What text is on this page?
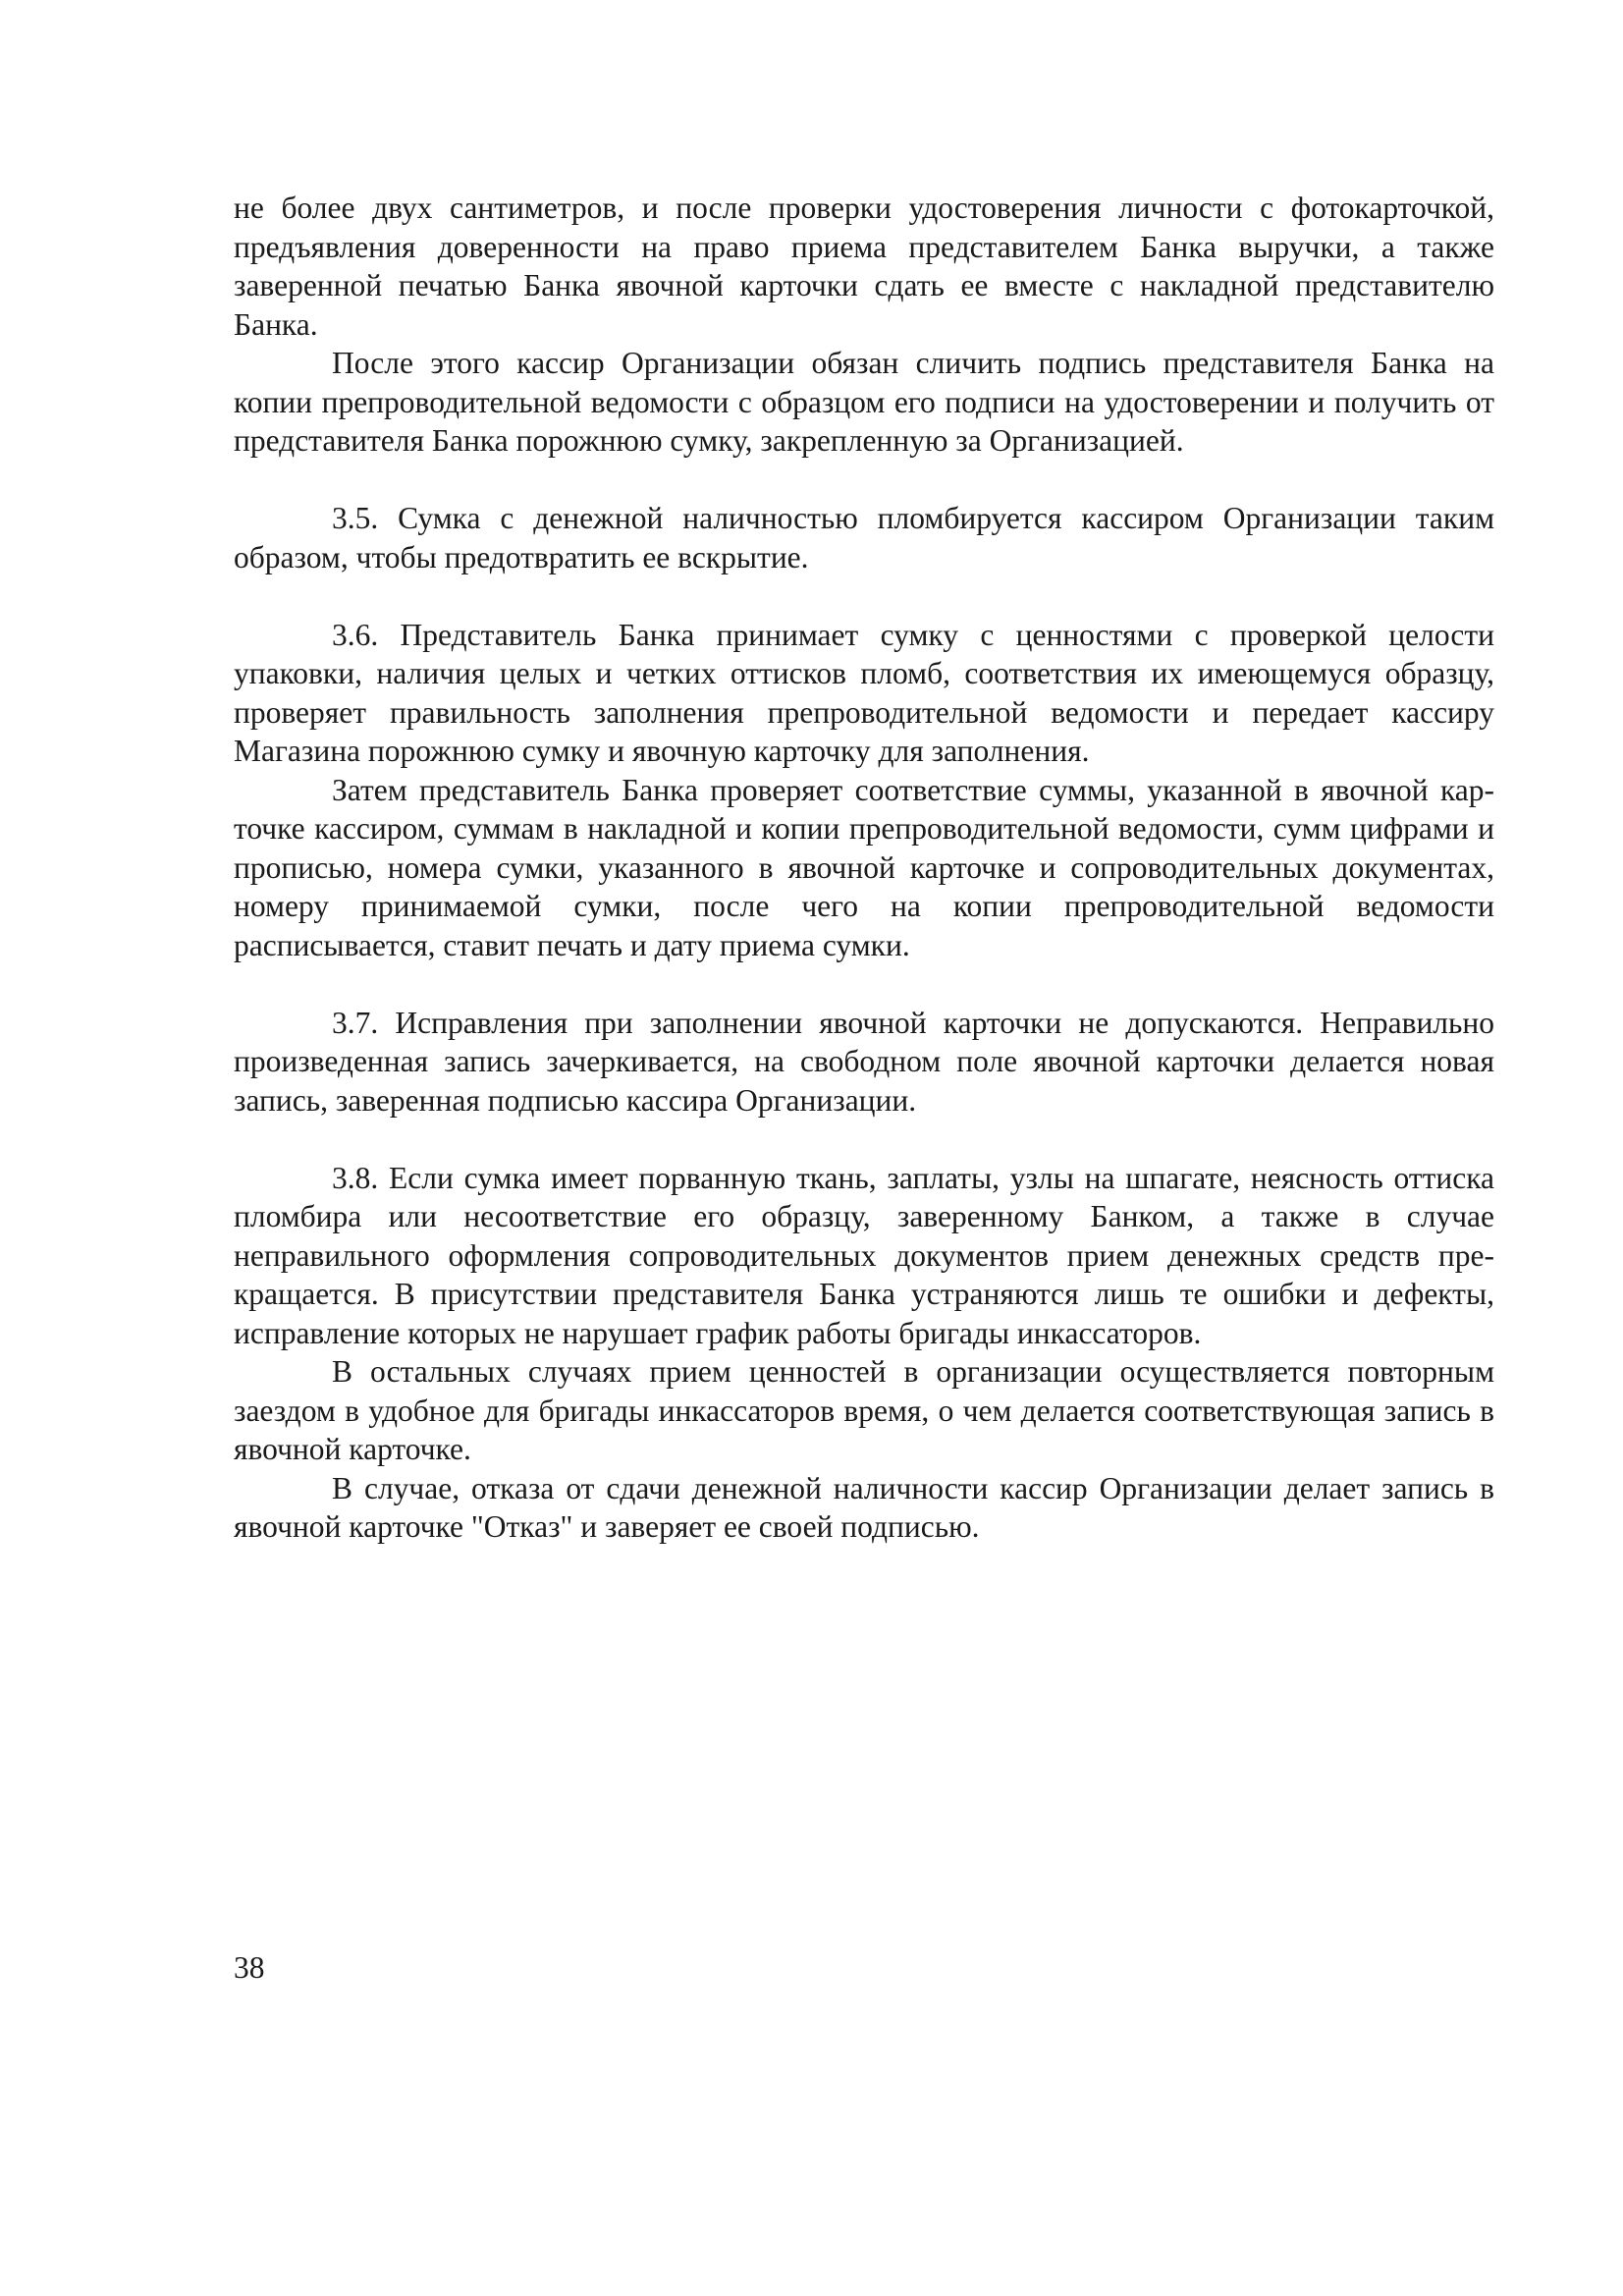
не более двух сантиметров, и после проверки удостоверения личности с фотокарточкой, предъявления доверенности на право приема представителем Банка выручки, а также заверенной печатью Банка явочной карточки сдать ее вместе с накладной представителю Банка.

После этого кассир Организации обязан сличить подпись представителя Банка на копии препроводительной ведомости с образцом его подписи на удостоверении и получить от представителя Банка порожнюю сумку, закрепленную за Организацией.

3.5. Сумка с денежной наличностью пломбируется кассиром Организации таким образом, чтобы предотвратить ее вскрытие.

3.6. Представитель Банка принимает сумку с ценностями с проверкой целости упаковки, наличия целых и четких оттисков пломб, соответствия их имеющемуся образцу, проверяет правильность заполнения препроводительной ведомости и передает кассиру Магазина порожнюю сумку и явочную карточку для заполнения.

Затем представитель Банка проверяет соответствие суммы, указанной в явочной карточке кассиром, суммам в накладной и копии препроводительной ведомости, сумм цифрами и прописью, номера сумки, указанного в явочной карточке и сопроводительных документах, номеру принимаемой сумки, после чего на копии препроводительной ведомости расписывается, ставит печать и дату приема сумки.

3.7. Исправления при заполнении явочной карточки не допускаются. Неправильно произведенная запись зачеркивается, на свободном поле явочной карточки делается новая запись, заверенная подписью кассира Организации.

3.8. Если сумка имеет порванную ткань, заплаты, узлы на шпагате, неясность оттиска пломбира или несоответствие его образцу, заверенному Банком, а также в случае неправильного оформления сопроводительных документов прием денежных средств прекращается. В присутствии представителя Банка устраняются лишь те ошибки и дефекты, исправление которых не нарушает график работы бригады инкассаторов.

В остальных случаях прием ценностей в организации осуществляется повторным заездом в удобное для бригады инкассаторов время, о чем делается соответствующая запись в явочной карточке.

В случае, отказа от сдачи денежной наличности кассир Организации делает запись в явочной карточке "Отказ" и заверяет ее своей подписью.

38
